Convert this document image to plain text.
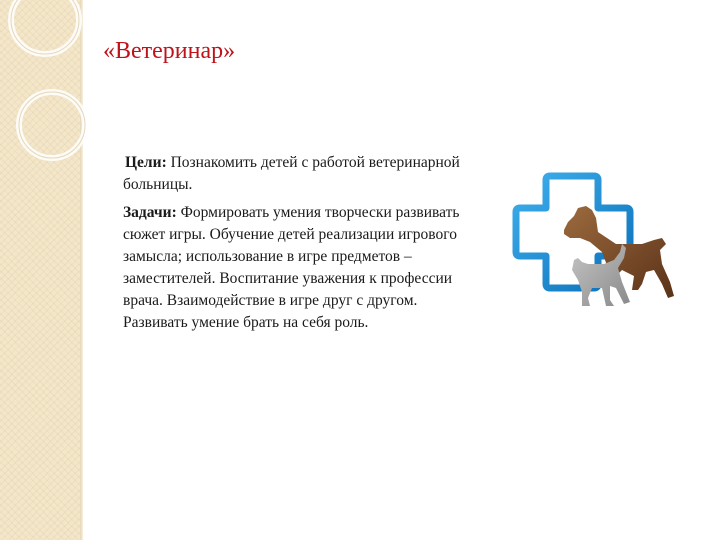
«Ветеринар»

Цели: Познакомить детей с работой ветеринарной больницы.

Задачи: Формировать умения творчески развивать сюжет игры. Обучение детей реализации игрового замысла; использование в игре предметов – заместителей. Воспитание уважения к профессии врача. Взаимодействие в игре друг с другом. Развивать умение брать на себя роль.
